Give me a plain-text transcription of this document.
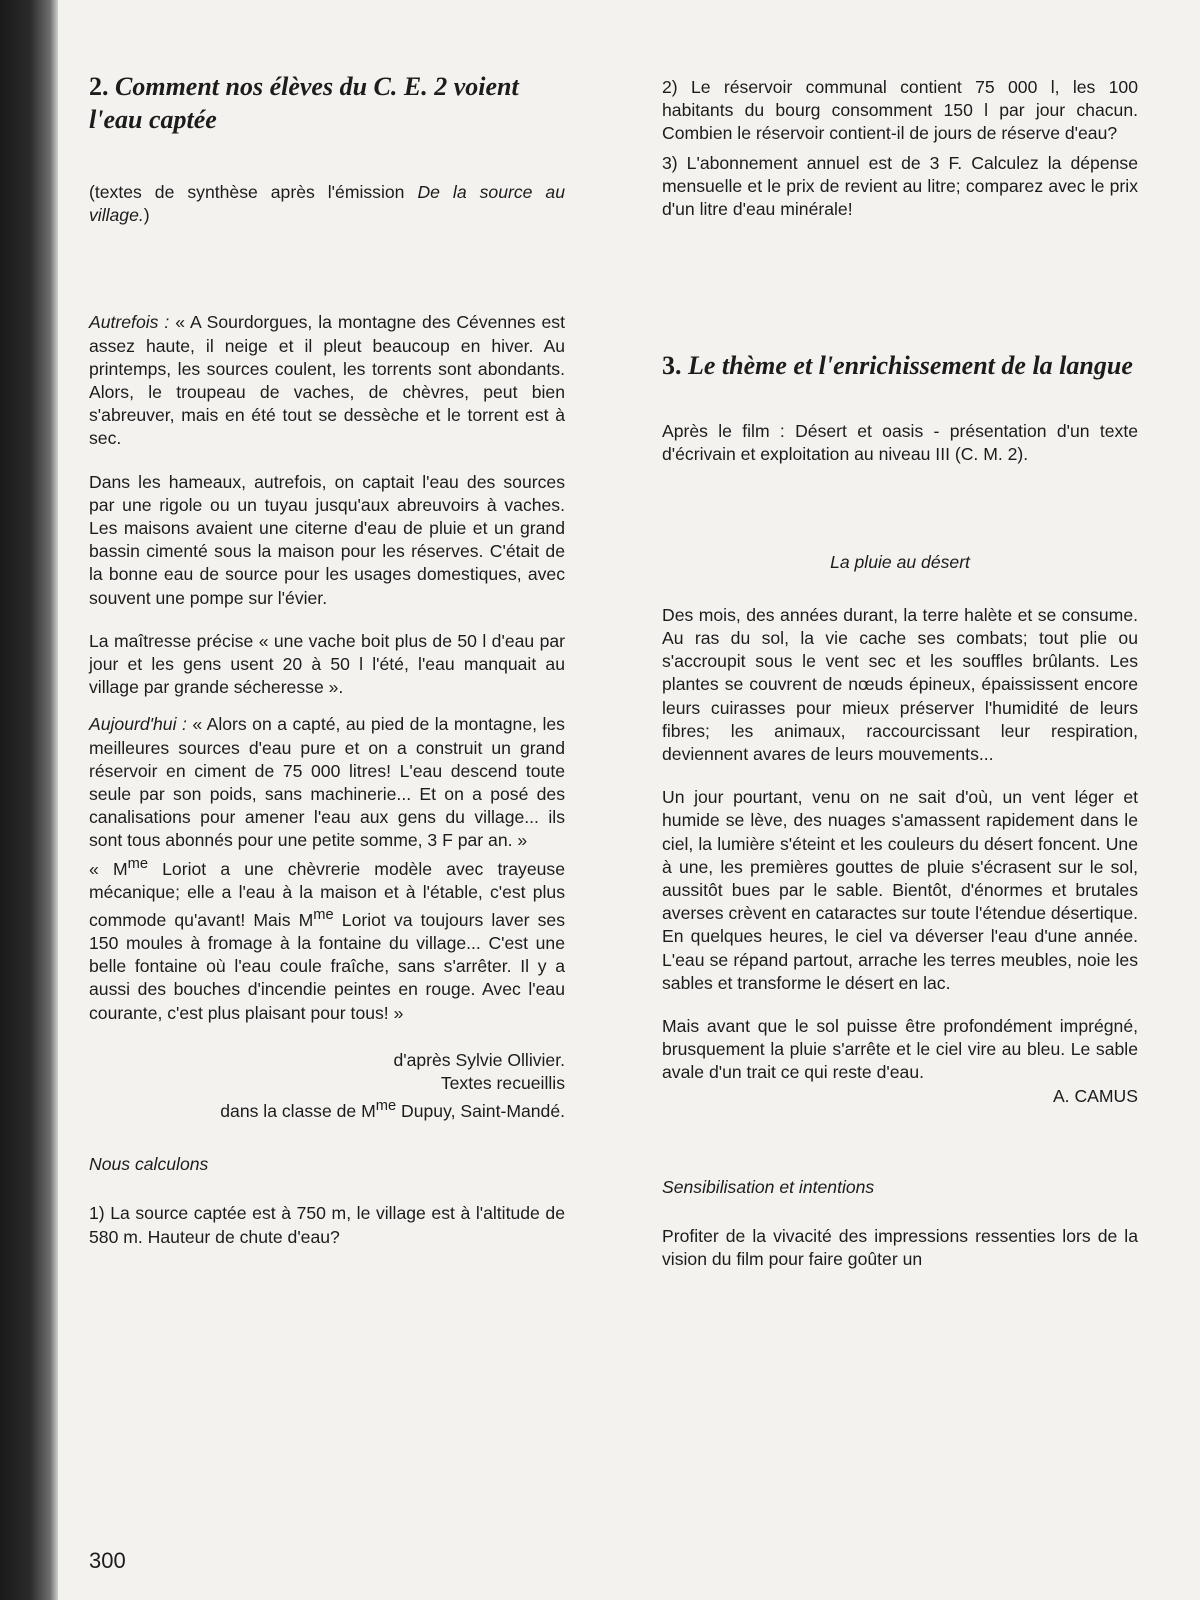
2. Comment nos élèves du C. E. 2 voient l'eau captée

(textes de synthèse après l'émission De la source au village.)

Autrefois : « A Sourdorgues, la montagne des Cévennes est assez haute, il neige et il pleut beaucoup en hiver. Au printemps, les sources coulent, les torrents sont abondants. Alors, le troupeau de vaches, de chèvres, peut bien s'abreuver, mais en été tout se dessèche et le torrent est à sec.

Dans les hameaux, autrefois, on captait l'eau des sources par une rigole ou un tuyau jusqu'aux abreuvoirs à vaches. Les maisons avaient une citerne d'eau de pluie et un grand bassin cimenté sous la maison pour les réserves. C'était de la bonne eau de source pour les usages domestiques, avec souvent une pompe sur l'évier.

La maîtresse précise « une vache boit plus de 50 l d'eau par jour et les gens usent 20 à 50 l l'été, l'eau manquait au village par grande sécheresse ».

Aujourd'hui : « Alors on a capté, au pied de la montagne, les meilleures sources d'eau pure et on a construit un grand réservoir en ciment de 75 000 litres! L'eau descend toute seule par son poids, sans machinerie... Et on a posé des canalisations pour amener l'eau aux gens du village... ils sont tous abonnés pour une petite somme, 3 F par an. »

« $M^{me}$ Loriot a une chèvrerie modèle avec trayeuse mécanique; elle a l'eau à la maison et à l'étable, c'est plus commode qu'avant! Mais $M^{me}$ Loriot va toujours laver ses 150 moules à fromage à la fontaine du village... C'est une belle fontaine où l'eau coule fraîche, sans s'arrêter. Il y a aussi des bouches d'incendie peintes en rouge. Avec l'eau courante, c'est plus plaisant pour tous! »

d'après Sylvie Ollivier.

Textes recueillis

dans la classe de $M^{me}$ Dupuy, Saint-Mandé.

Nous calculons

1) La source captée est à 750 m, le village est à l'altitude de 580 m. Hauteur de chute d'eau?

2) Le réservoir communal contient 75 000 l, les 100 habitants du bourg consomment 150 l par jour chacun. Combien le réservoir contient-il de jours de réserve d'eau?

3) L'abonnement annuel est de 3 F. Calculez la dépense mensuelle et le prix de revient au litre; comparez avec le prix d'un litre d'eau minérale!

3. Le thème et l'enrichissement de la langue

Après le film : Désert et oasis - présentation d'un texte d'écrivain et exploitation au niveau III (C. M. 2).

La pluie au désert

Des mois, des années durant, la terre halète et se consume. Au ras du sol, la vie cache ses combats; tout plie ou s'accroupit sous le vent sec et les souffles brûlants. Les plantes se couvrent de nœuds épineux, épaississent encore leurs cuirasses pour mieux préserver l'humidité de leurs fibres; les animaux, raccourcissant leur respiration, deviennent avares de leurs mouvements...

Un jour pourtant, venu on ne sait d'où, un vent léger et humide se lève, des nuages s'amassent rapidement dans le ciel, la lumière s'éteint et les couleurs du désert foncent. Une à une, les premières gouttes de pluie s'écrasent sur le sol, aussitôt bues par le sable. Bientôt, d'énormes et brutales averses crèvent en cataractes sur toute l'étendue désertique. En quelques heures, le ciel va déverser l'eau d'une année. L'eau se répand partout, arrache les terres meubles, noie les sables et transforme le désert en lac.

Mais avant que le sol puisse être profondément imprégné, brusquement la pluie s'arrête et le ciel vire au bleu. Le sable avale d'un trait ce qui reste d'eau.

A. CAMUS

Sensibilisation et intentions

Profiter de la vivacité des impressions ressenties lors de la vision du film pour faire goûter un

300
